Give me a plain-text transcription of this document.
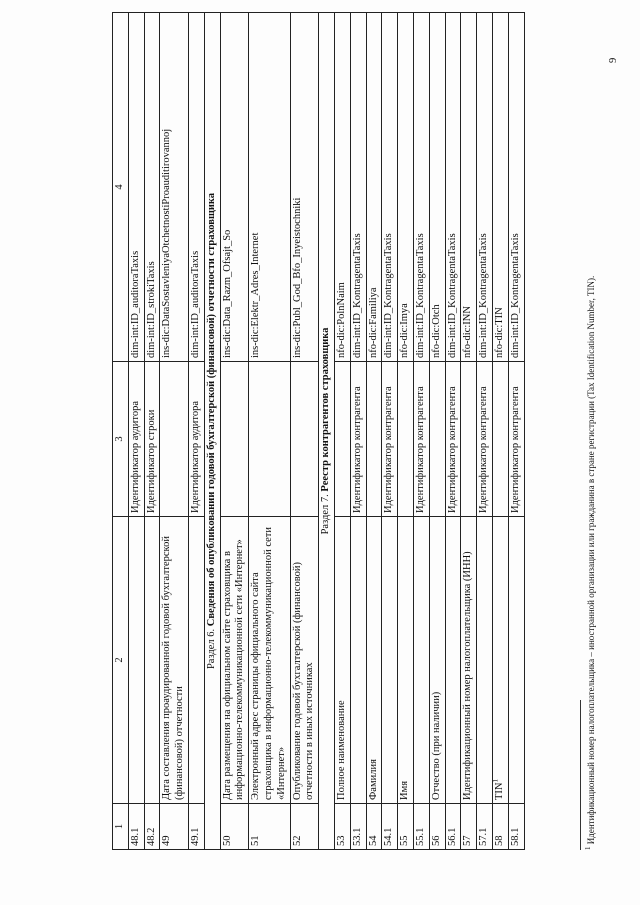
1	2	3	4
48.1		Идентификатор аудитора	dim-int:ID_auditoraTaxis
48.2		Идентификатор строки	dim-int:ID_strokiTaxis
49	Дата составления проаудированной годовой бухгалтерской (финансовой) отчетности		ins-dic:DataSostavleniyaOtchetnostiProauditirovannoj
49.1		Идентификатор аудитора	dim-int:ID_auditoraTaxis
Раздел 6. Сведения об опубликовании годовой бухгалтерской (финансовой) отчетности страховщика			
50	Дата размещения на официальном сайте страховщика в информационно-телекоммуникационной сети «Интернет»		ins-dic:Data_Razm_Ofsajt_So
51	Электронный адрес страницы официального сайта страховщика в информационно-телекоммуникационной сети «Интернет»		ins-dic:Elektr_Adres_Internet
52	Опубликование годовой бухгалтерской (финансовой) отчетности в иных источниках		ins-dic:Publ_God_Bfo_Inyeistochniki
Раздел 7. Реестр контрагентов страховщика			
53	Полное наименование		nfo-dic:PolnNaim
53.1		Идентификатор контрагента	dim-int:ID_KontragentaTaxis
54	Фамилия		nfo-dic:Familiya
54.1		Идентификатор контрагента	dim-int:ID_KontragentaTaxis
55	Имя		nfo-dic:Imya
55.1		Идентификатор контрагента	dim-int:ID_KontragentaTaxis
56	Отчество (при наличии)		nfo-dic:Otch
56.1		Идентификатор контрагента	dim-int:ID_KontragentaTaxis
57	Идентификационный номер налогоплательщика (ИНН)		nfo-dic:INN
57.1		Идентификатор контрагента	dim-int:ID_KontragentaTaxis
58	TIN$^1$		nfo-dic:TIN
58.1		Идентификатор контрагента	dim-int:ID_KontragentaTaxis
$^1$ Идентификационный номер налогоплательщика – иностранной организации или гражданина в стране регистрации (Tax Identification Number, TIN).
9
